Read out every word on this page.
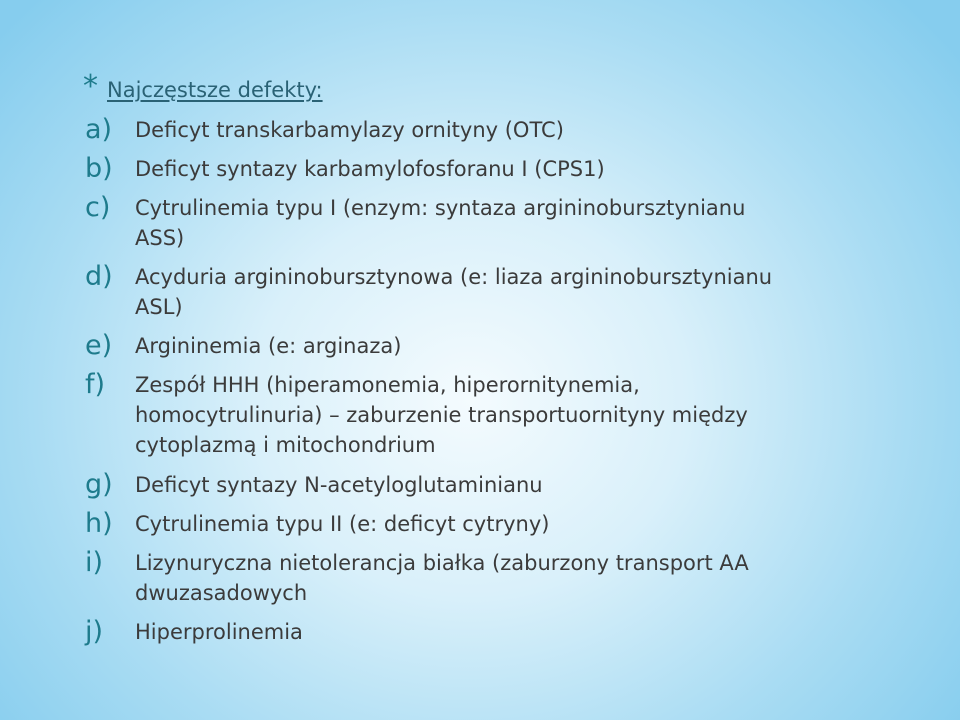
* Najczęstsze defekty:
a)	Deficyt transkarbamylazy ornityny (OTC)
b)	Deficyt syntazy karbamylofosforanu I (CPS1)
c)	Cytrulinemia typu I (enzym: syntaza argininobursztynianu
ASS)
d)	Acyduria argininobursztynowa (e: liaza argininobursztynianu
ASL)
e)	Argininemia (e: arginaza)
f)	Zespół HHH (hiperamonemia, hiperornitynemia,
homocytrulinuria) – zaburzenie transportuornityny między
cytoplazmą i mitochondrium
g)	Deficyt syntazy N-acetyloglutaminianu
h)	Cytrulinemia typu II (e: deficyt cytryny)
i)	Lizynuryczna nietolerancja białka (zaburzony transport AA
dwuzasadowych
j)	Hiperprolinemia
